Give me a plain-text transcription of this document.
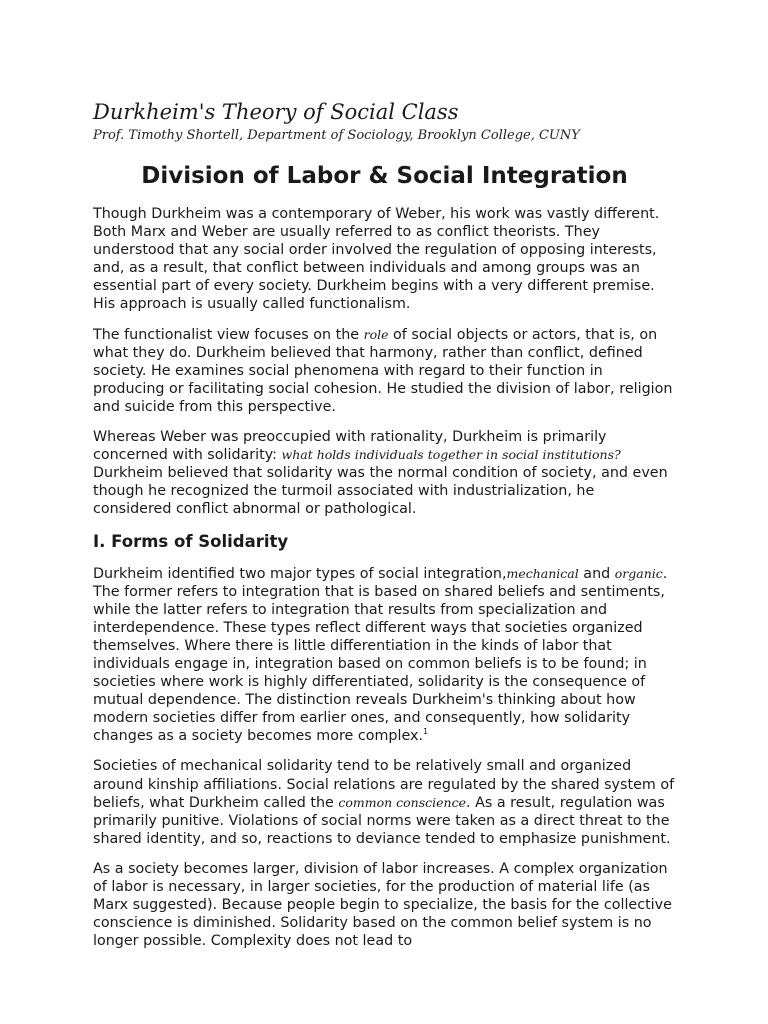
Durkheim's Theory of Social Class
Prof. Timothy Shortell, Department of Sociology, Brooklyn College, CUNY
Division of Labor & Social Integration

Though Durkheim was a contemporary of Weber, his work was vastly different. Both Marx and Weber are usually referred to as conflict theorists. They understood that any social order involved the regulation of opposing interests, and, as a result, that conflict between individuals and among groups was an essential part of every society. Durkheim begins with a very different premise. His approach is usually called functionalism.

The functionalist view focuses on the role of social objects or actors, that is, on what they do. Durkheim believed that harmony, rather than conflict, defined society. He examines social phenomena with regard to their function in producing or facilitating social cohesion. He studied the division of labor, religion and suicide from this perspective.

Whereas Weber was preoccupied with rationality, Durkheim is primarily concerned with solidarity: what holds individuals together in social institutions? Durkheim believed that solidarity was the normal condition of society, and even though he recognized the turmoil associated with industrialization, he considered conflict abnormal or pathological.

I. Forms of Solidarity

Durkheim identified two major types of social integration,mechanical and organic. The former refers to integration that is based on shared beliefs and sentiments, while the latter refers to integration that results from specialization and interdependence. These types reflect different ways that societies organized themselves. Where there is little differentiation in the kinds of labor that individuals engage in, integration based on common beliefs is to be found; in societies where work is highly differentiated, solidarity is the consequence of mutual dependence. The distinction reveals Durkheim's thinking about how modern societies differ from earlier ones, and consequently, how solidarity changes as a society becomes more complex.$^1$

Societies of mechanical solidarity tend to be relatively small and organized around kinship affiliations. Social relations are regulated by the shared system of beliefs, what Durkheim called the common conscience. As a result, regulation was primarily punitive. Violations of social norms were taken as a direct threat to the shared identity, and so, reactions to deviance tended to emphasize punishment.

As a society becomes larger, division of labor increases. A complex organization of labor is necessary, in larger societies, for the production of material life (as Marx suggested). Because people begin to specialize, the basis for the collective conscience is diminished. Solidarity based on the common belief system is no longer possible. Complexity does not lead to
